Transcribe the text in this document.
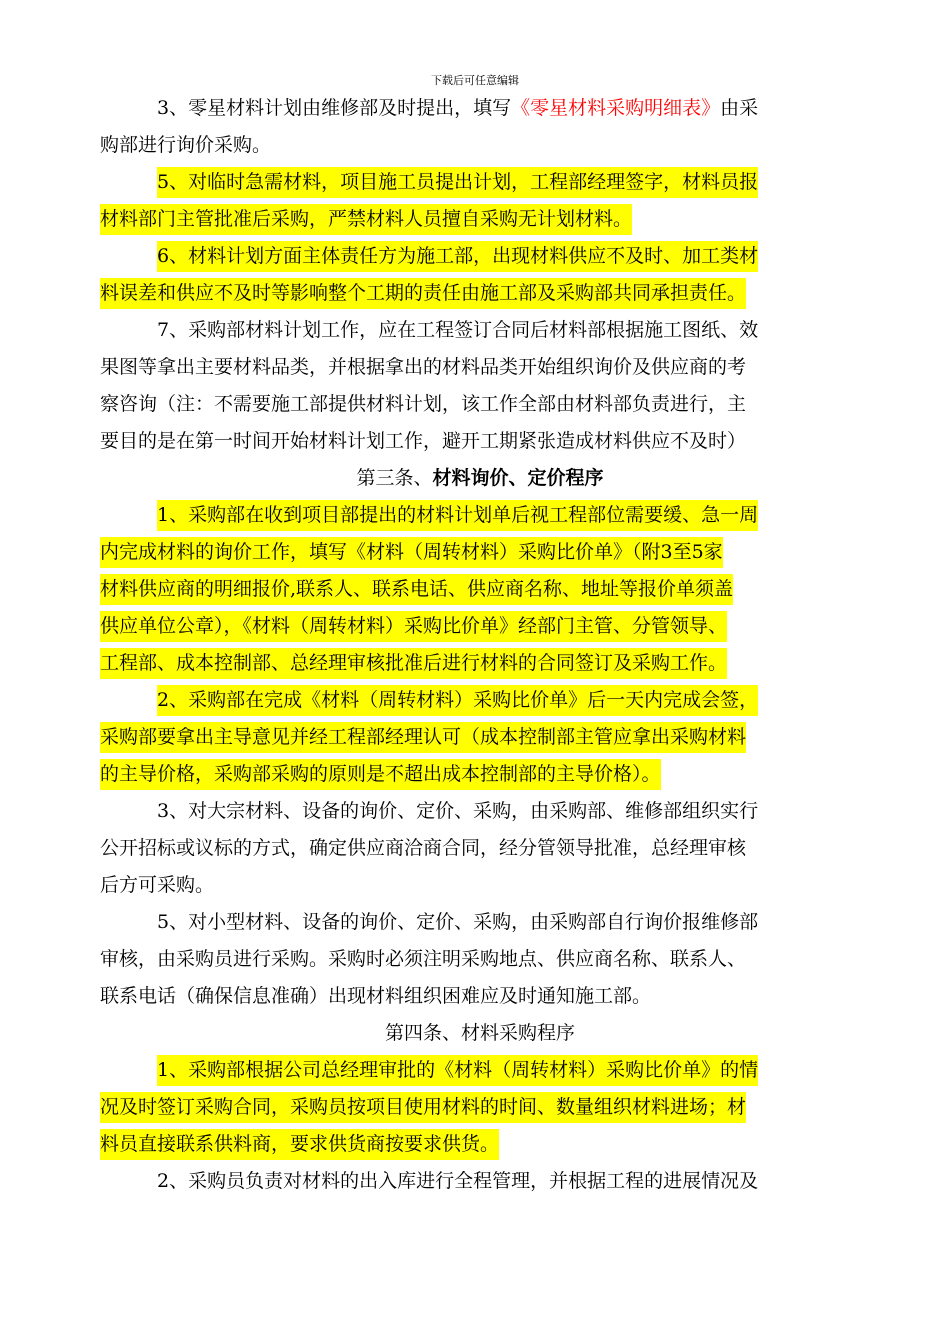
下载后可任意编辑
3、零星材料计划由维修部及时提出，填写《零星材料采购明细表》由采
购部进行询价采购。
5、对临时急需材料，项目施工员提出计划，工程部经理签字，材料员报
材料部门主管批准后采购，严禁材料人员擅自采购无计划材料。
6、材料计划方面主体责任方为施工部，出现材料供应不及时、加工类材
料误差和供应不及时等影响整个工期的责任由施工部及采购部共同承担责任。
7、采购部材料计划工作，应在工程签订合同后材料部根据施工图纸、效
果图等拿出主要材料品类，并根据拿出的材料品类开始组织询价及供应商的考
察咨询（注：不需要施工部提供材料计划，该工作全部由材料部负责进行，主
要目的是在第一时间开始材料计划工作，避开工期紧张造成材料供应不及时）
第三条、材料询价、定价程序
1、采购部在收到项目部提出的材料计划单后视工程部位需要缓、急一周
内完成材料的询价工作，填写《材料（周转材料）采购比价单》（附3至5家
材料供应商的明细报价,联系人、联系电话、供应商名称、地址等报价单须盖
供应单位公章），《材料（周转材料）采购比价单》经部门主管、分管领导、
工程部、成本控制部、总经理审核批准后进行材料的合同签订及采购工作。
2、采购部在完成《材料（周转材料）采购比价单》后一天内完成会签，
采购部要拿出主导意见并经工程部经理认可（成本控制部主管应拿出采购材料
的主导价格，采购部采购的原则是不超出成本控制部的主导价格）。
3、对大宗材料、设备的询价、定价、采购，由采购部、维修部组织实行
公开招标或议标的方式，确定供应商洽商合同，经分管领导批准，总经理审核
后方可采购。
5、对小型材料、设备的询价、定价、采购，由采购部自行询价报维修部
审核，由采购员进行采购。采购时必须注明采购地点、供应商名称、联系人、
联系电话（确保信息准确）出现材料组织困难应及时通知施工部。
第四条、材料采购程序
1、采购部根据公司总经理审批的《材料（周转材料）采购比价单》的情
况及时签订采购合同，采购员按项目使用材料的时间、数量组织材料进场；材
料员直接联系供料商，要求供货商按要求供货。
2、采购员负责对材料的出入库进行全程管理，并根据工程的进展情况及
